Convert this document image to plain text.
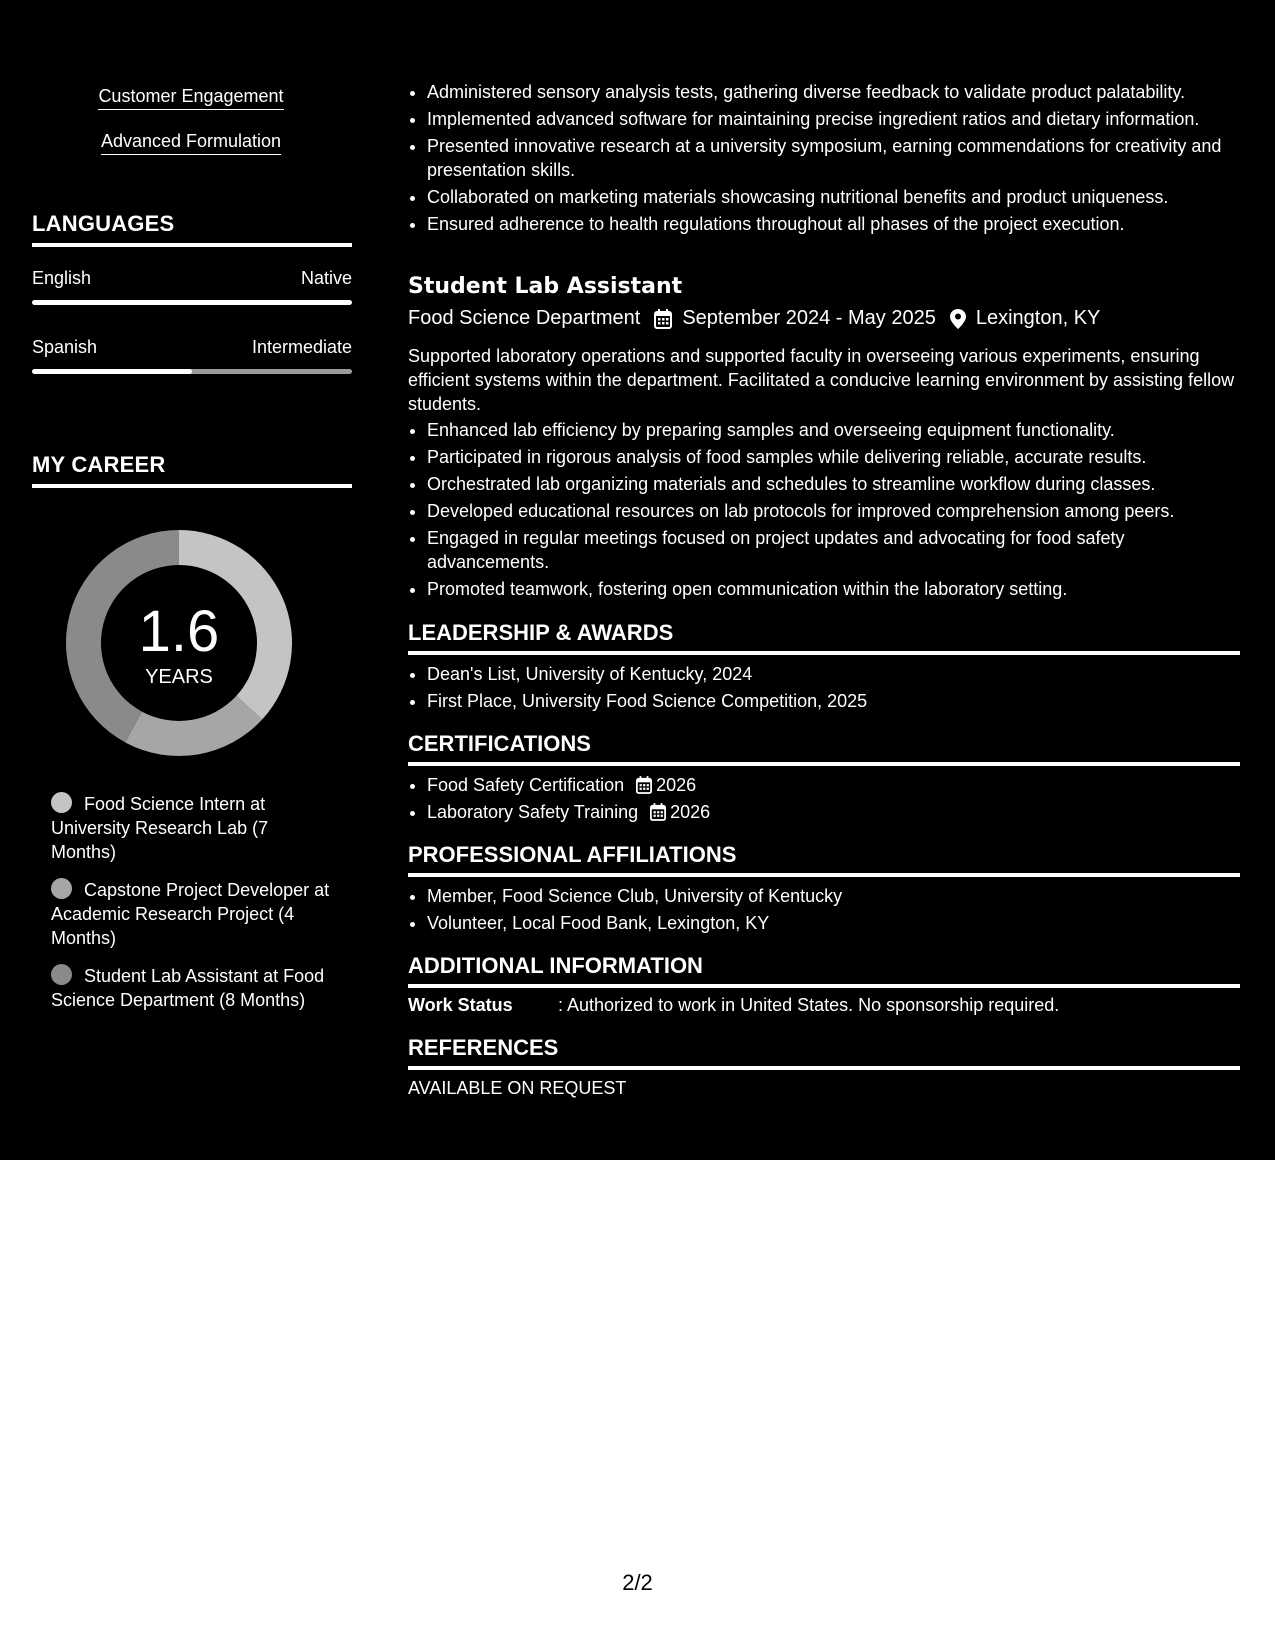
Customer Engagement
Advanced Formulation
LANGUAGES
English	Native
Spanish	Intermediate
MY CAREER
1.6
YEARS
Food Science Intern at University Research Lab (7 Months)
Capstone Project Developer at Academic Research Project (4 Months)
Student Lab Assistant at Food Science Department (8 Months)
• Administered sensory analysis tests, gathering diverse feedback to validate product palatability.
• Implemented advanced software for maintaining precise ingredient ratios and dietary information.
• Presented innovative research at a university symposium, earning commendations for creativity and presentation skills.
• Collaborated on marketing materials showcasing nutritional benefits and product uniqueness.
• Ensured adherence to health regulations throughout all phases of the project execution.
Student Lab Assistant
Food Science Department September 2024 - May 2025 Lexington, KY
Supported laboratory operations and supported faculty in overseeing various experiments, ensuring efficient systems within the department. Facilitated a conducive learning environment by assisting fellow students.
• Enhanced lab efficiency by preparing samples and overseeing equipment functionality.
• Participated in rigorous analysis of food samples while delivering reliable, accurate results.
• Orchestrated lab organizing materials and schedules to streamline workflow during classes.
• Developed educational resources on lab protocols for improved comprehension among peers.
• Engaged in regular meetings focused on project updates and advocating for food safety advancements.
• Promoted teamwork, fostering open communication within the laboratory setting.
LEADERSHIP & AWARDS
• Dean's List, University of Kentucky, 2024
• First Place, University Food Science Competition, 2025
CERTIFICATIONS
• Food Safety Certification 2026
• Laboratory Safety Training 2026
PROFESSIONAL AFFILIATIONS
• Member, Food Science Club, University of Kentucky
• Volunteer, Local Food Bank, Lexington, KY
ADDITIONAL INFORMATION
Work Status	: Authorized to work in United States. No sponsorship required.
REFERENCES
AVAILABLE ON REQUEST
2/2
